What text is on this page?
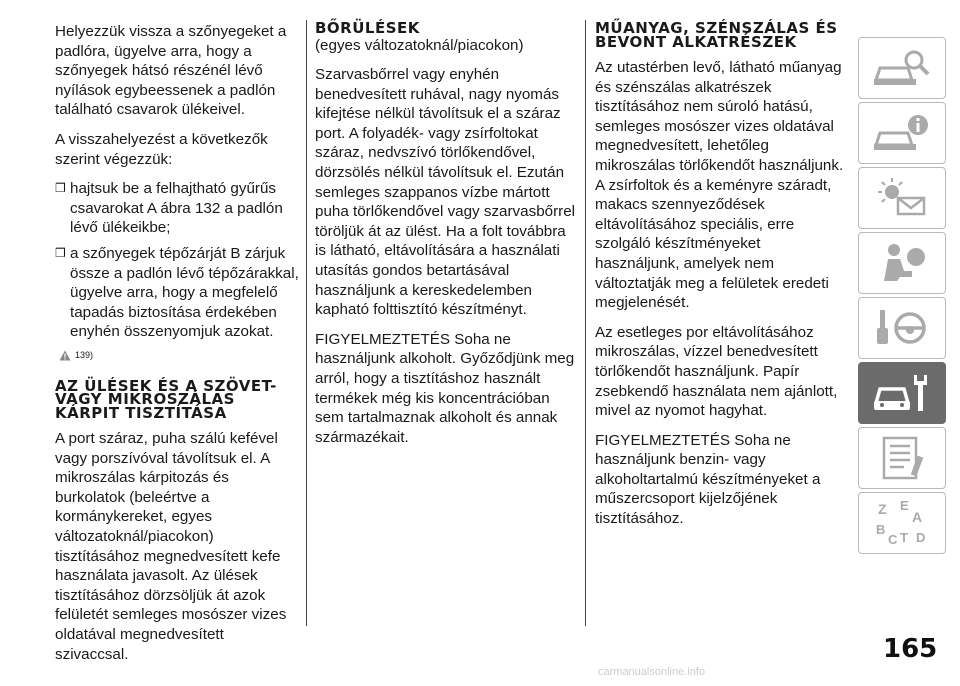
Helyezzük vissza a szőnyegeket a padlóra, ügyelve arra, hogy a szőnyegek hátsó részénél lévő nyílások egybeessenek a padlón található csavarok ülékeivel.

A visszahelyezést a következők szerint végezzük:

❒ hajtsuk be a felhajtható gyűrűs csavarokat A ábra 132 a padlón lévő ülékeikbe;
❒ a szőnyegek tépőzárját B zárjuk össze a padlón lévő tépőzárakkal, ügyelve arra, hogy a megfelelő tapadás biztosítása érdekében enyhén összenyomjuk azokat.
139)
AZ ÜLÉSEK ÉS A SZÖVET- VAGY MIKROSZÁLAS KÁRPIT TISZTÍTÁSA

A port száraz, puha szálú kefével vagy porszívóval távolítsuk el. A mikroszálas kárpitozás és burkolatok (beleértve a kormánykereket, egyes változatoknál/piacokon) tisztításához megnedvesített kefe használata javasolt. Az ülések tisztításához dörzsöljük át azok felületét semleges mosószer vizes oldatával megnedvesített szivaccsal.

BŐRÜLÉSEK

(egyes változatoknál/piacokon)

Szarvasbőrrel vagy enyhén benedvesített ruhával, nagy nyomás kifejtése nélkül távolítsuk el a száraz port. A folyadék- vagy zsírfoltokat száraz, nedvszívó törlőkendővel, dörzsölés nélkül távolítsuk el. Ezután semleges szappanos vízbe mártott puha törlőkendővel vagy szarvasbőrrel töröljük át az ülést. Ha a folt továbbra is látható, eltávolítására a használati utasítás gondos betartásával használjunk a kereskedelemben kapható folttisztító készítményt.

FIGYELMEZTETÉS Soha ne használjunk alkoholt. Győződjünk meg arról, hogy a tisztításhoz használt termékek még kis koncentrációban sem tartalmaznak alkoholt és annak származékait.

MŰANYAG, SZÉNSZÁLAS ÉS BEVONT ALKATRÉSZEK

Az utastérben levő, látható műanyag és szénszálas alkatrészek tisztításához nem súroló hatású, semleges mosószer vizes oldatával megnedvesített, lehetőleg mikroszálas törlőkendőt használjunk. A zsírfoltok és a keményre száradt, makacs szennyeződések eltávolításához speciális, erre szolgáló készítményeket használjunk, amelyek nem változtatják meg a felületek eredeti megjelenését.

Az esetleges por eltávolításához mikroszálas, vízzel benedvesített törlőkendőt használjunk. Papír zsebkendő használata nem ajánlott, mivel az nyomot hagyhat.

FIGYELMEZTETÉS Soha ne használjunk benzin- vagy alkoholtartalmú készítményeket a műszercsoport kijelzőjének tisztításához.

Z E
A
B
C T D
165
carmanualsonline.info
